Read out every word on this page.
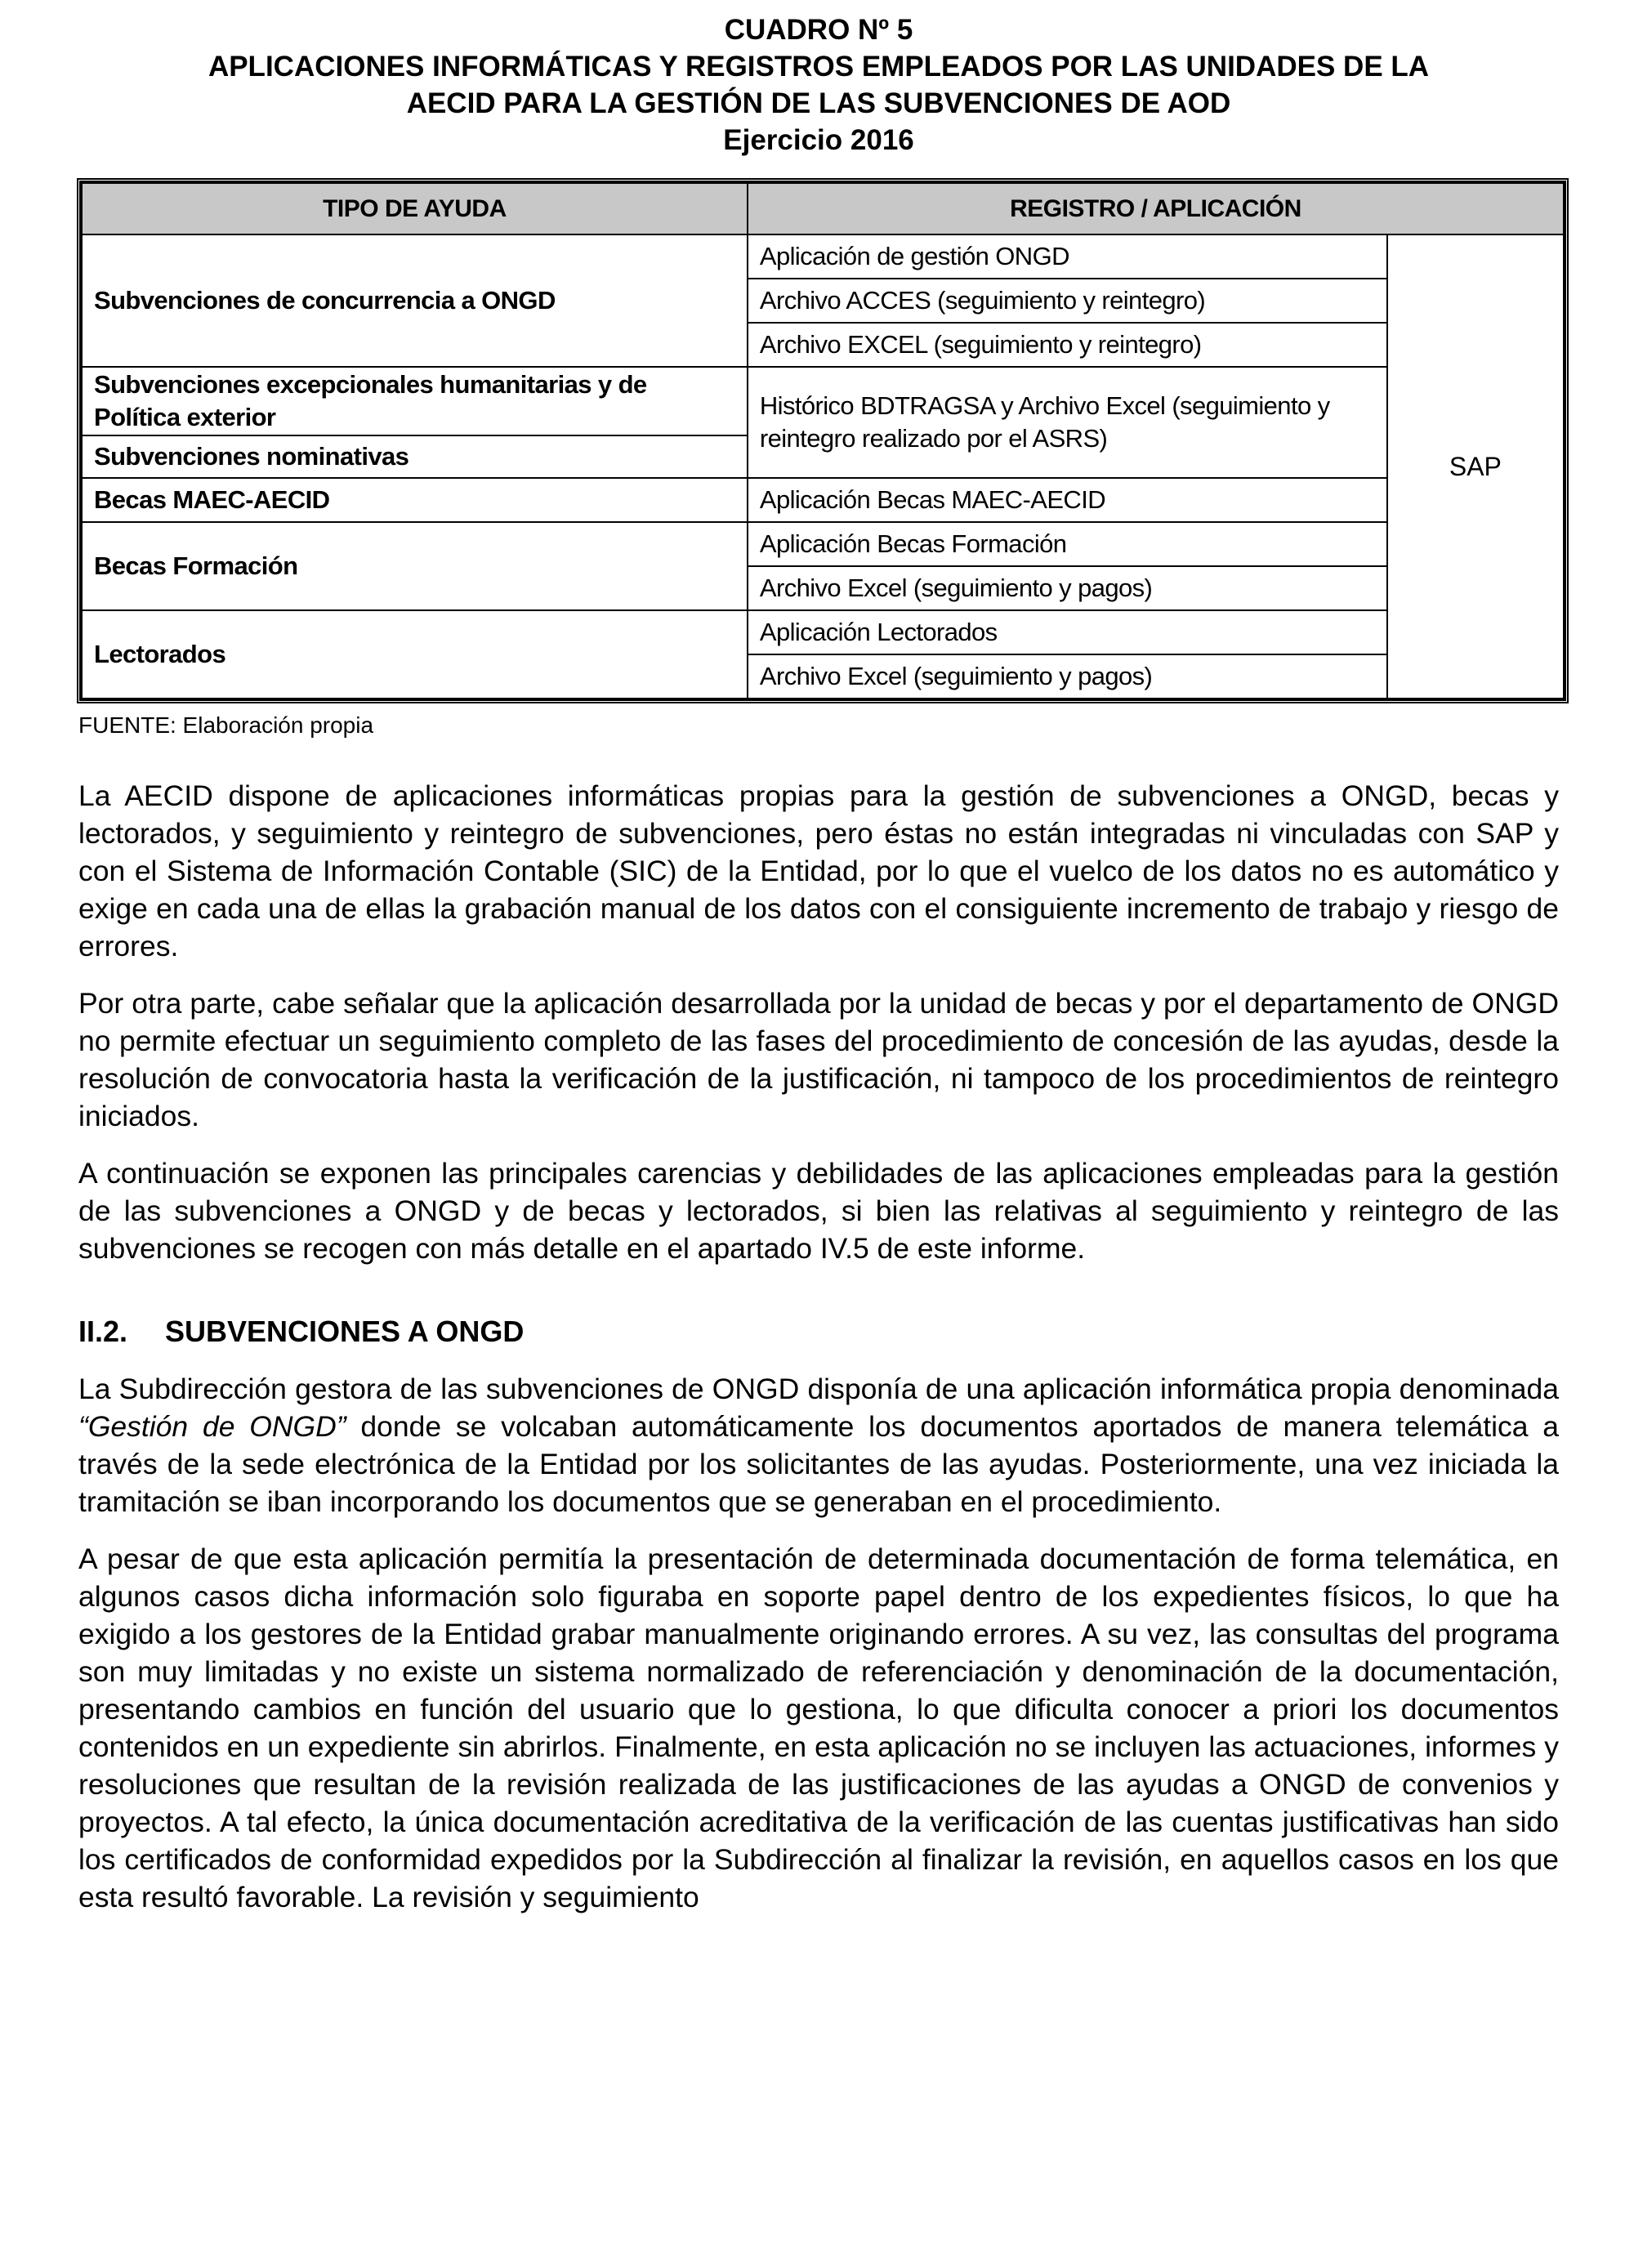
CUADRO Nº 5
APLICACIONES INFORMÁTICAS Y REGISTROS EMPLEADOS POR LAS UNIDADES DE LA
AECID PARA LA GESTIÓN DE LAS SUBVENCIONES DE AOD
Ejercicio 2016
TIPO DE AYUDA	REGISTRO / APLICACIÓN	
Subvenciones de concurrencia a ONGD	Aplicación de gestión ONGD	SAP
	Archivo ACCES (seguimiento y reintegro)	
	Archivo EXCEL (seguimiento y reintegro)	
Subvenciones excepcionales humanitarias y de Política exterior	Histórico BDTRAGSA y Archivo Excel (seguimiento y reintegro realizado por el ASRS)	
Subvenciones nominativas		
Becas MAEC-AECID	Aplicación Becas MAEC-AECID	
Becas Formación	Aplicación Becas Formación	
	Archivo Excel (seguimiento y pagos)	
Lectorados	Aplicación Lectorados	
	Archivo Excel (seguimiento y pagos)	
FUENTE: Elaboración propia

La AECID dispone de aplicaciones informáticas propias para la gestión de subvenciones a ONGD, becas y lectorados, y seguimiento y reintegro de subvenciones, pero éstas no están integradas ni vinculadas con SAP y con el Sistema de Información Contable (SIC) de la Entidad, por lo que el vuelco de los datos no es automático y exige en cada una de ellas la grabación manual de los datos con el consiguiente incremento de trabajo y riesgo de errores.

Por otra parte, cabe señalar que la aplicación desarrollada por la unidad de becas y por el departamento de ONGD no permite efectuar un seguimiento completo de las fases del procedimiento de concesión de las ayudas, desde la resolución de convocatoria hasta la verificación de la justificación, ni tampoco de los procedimientos de reintegro iniciados.

A continuación se exponen las principales carencias y debilidades de las aplicaciones empleadas para la gestión de las subvenciones a ONGD y de becas y lectorados, si bien las relativas al seguimiento y reintegro de las subvenciones se recogen con más detalle en el apartado IV.5 de este informe.

II.2. SUBVENCIONES A ONGD

La Subdirección gestora de las subvenciones de ONGD disponía de una aplicación informática propia denominada “Gestión de ONGD” donde se volcaban automáticamente los documentos aportados de manera telemática a través de la sede electrónica de la Entidad por los solicitantes de las ayudas. Posteriormente, una vez iniciada la tramitación se iban incorporando los documentos que se generaban en el procedimiento.

A pesar de que esta aplicación permitía la presentación de determinada documentación de forma telemática, en algunos casos dicha información solo figuraba en soporte papel dentro de los expedientes físicos, lo que ha exigido a los gestores de la Entidad grabar manualmente originando errores. A su vez, las consultas del programa son muy limitadas y no existe un sistema normalizado de referenciación y denominación de la documentación, presentando cambios en función del usuario que lo gestiona, lo que dificulta conocer a priori los documentos contenidos en un expediente sin abrirlos. Finalmente, en esta aplicación no se incluyen las actuaciones, informes y resoluciones que resultan de la revisión realizada de las justificaciones de las ayudas a ONGD de convenios y proyectos. A tal efecto, la única documentación acreditativa de la verificación de las cuentas justificativas han sido los certificados de conformidad expedidos por la Subdirección al finalizar la revisión, en aquellos casos en los que esta resultó favorable. La revisión y seguimiento
